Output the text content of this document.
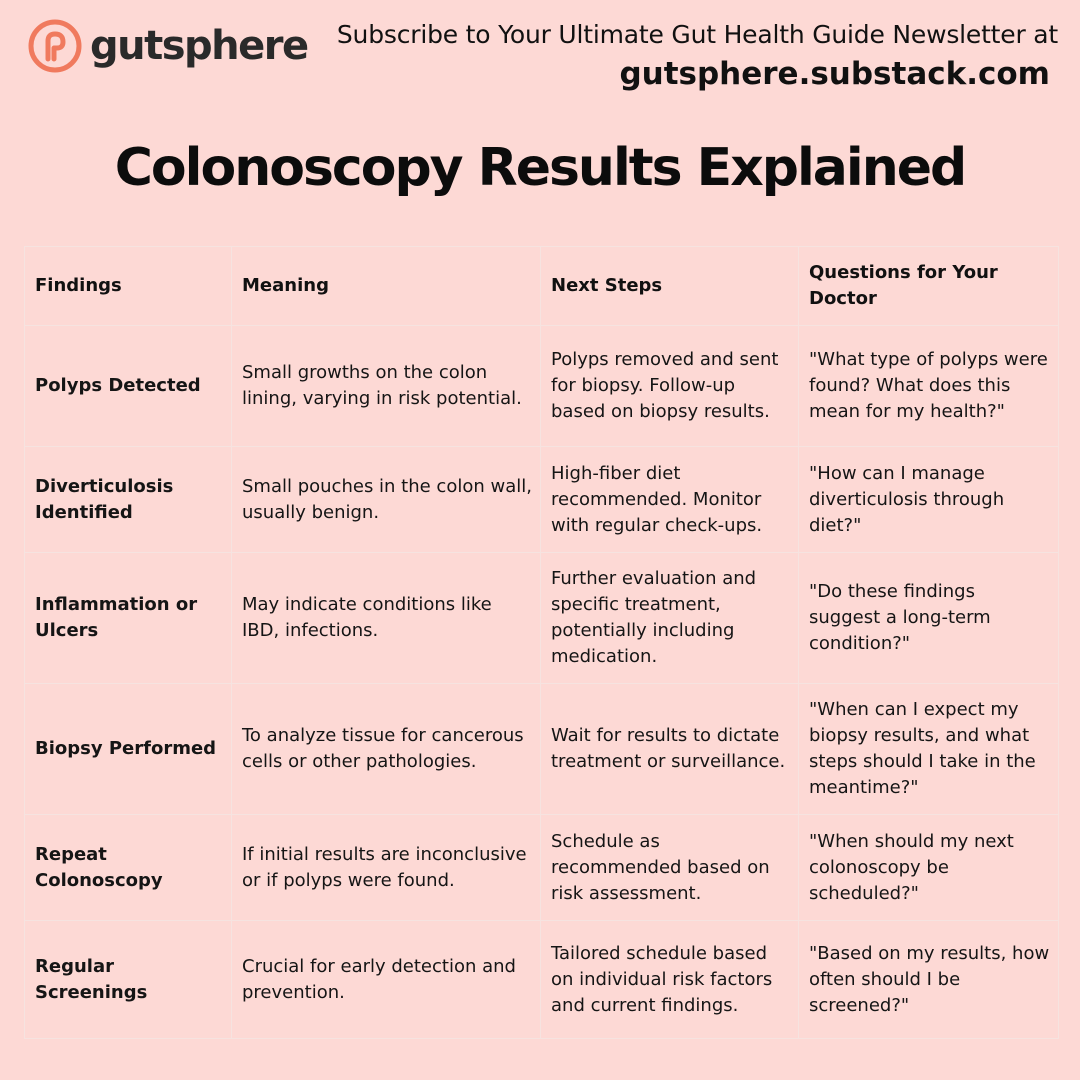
gutsphere Subscribe to Your Ultimate Gut Health Guide Newsletter at
gutsphere.substack.com
Colonoscopy Results Explained
Findings	Meaning	Next Steps	Questions for Your Doctor
Polyps Detected	Small growths on the colon lining, varying in risk potential.	Polyps removed and sent for biopsy. Follow-up based on biopsy results.	"What type of polyps were found? What does this mean for my health?"
Diverticulosis Identified	Small pouches in the colon wall, usually benign.	High-fiber diet recommended. Monitor with regular check-ups.	"How can I manage diverticulosis through diet?"
Inflammation or Ulcers	May indicate conditions like IBD, infections.	Further evaluation and specific treatment, potentially including medication.	"Do these findings suggest a long-term condition?"
Biopsy Performed	To analyze tissue for cancerous cells or other pathologies.	Wait for results to dictate treatment or surveillance.	"When can I expect my biopsy results, and what steps should I take in the meantime?"
Repeat Colonoscopy	If initial results are inconclusive or if polyps were found.	Schedule as recommended based on risk assessment.	"When should my next colonoscopy be scheduled?"
Regular Screenings	Crucial for early detection and prevention.	Tailored schedule based on individual risk factors and current findings.	"Based on my results, how often should I be screened?"
